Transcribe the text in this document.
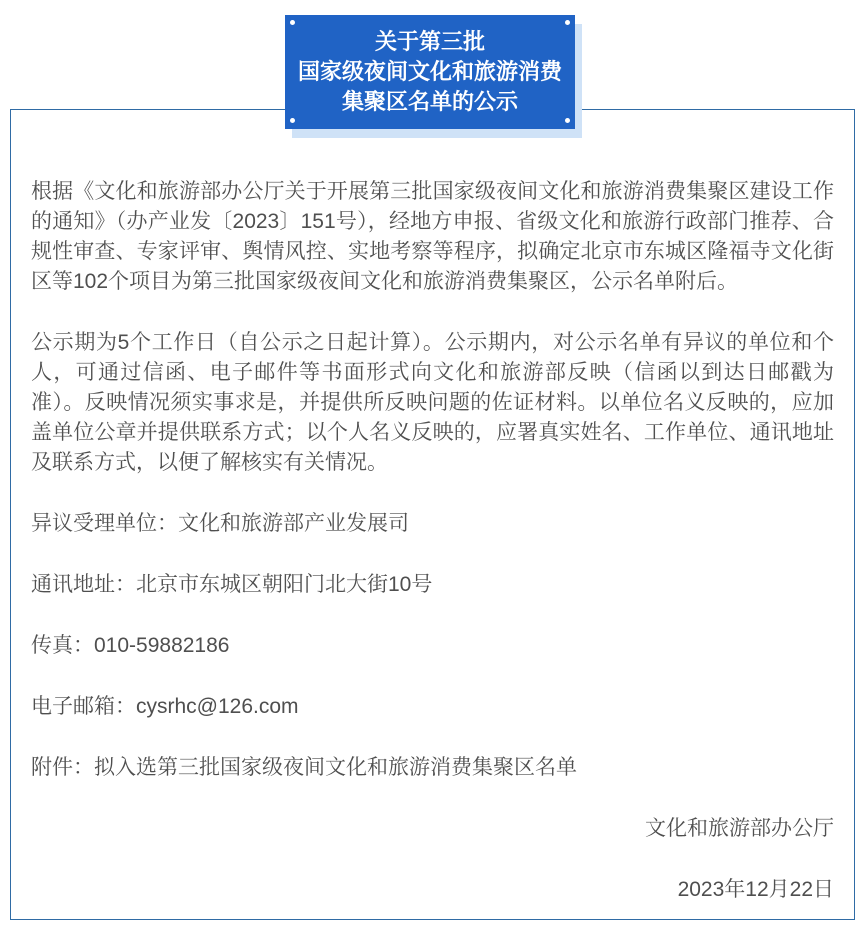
关于第三批
国家级夜间文化和旅游消费
集聚区名单的公示

根据《文化和旅游部办公厅关于开展第三批国家级夜间文化和旅游消费集聚区建设工作的通知》（办产业发〔2023〕151号），经地方申报、省级文化和旅游行政部门推荐、合规性审查、专家评审、舆情风控、实地考察等程序，拟确定北京市东城区隆福寺文化街区等102个项目为第三批国家级夜间文化和旅游消费集聚区，公示名单附后。

公示期为5个工作日（自公示之日起计算）。公示期内，对公示名单有异议的单位和个人，可通过信函、电子邮件等书面形式向文化和旅游部反映（信函以到达日邮戳为准）。反映情况须实事求是，并提供所反映问题的佐证材料。以单位名义反映的，应加盖单位公章并提供联系方式；以个人名义反映的，应署真实姓名、工作单位、通讯地址及联系方式，以便了解核实有关情况。

异议受理单位：文化和旅游部产业发展司

通讯地址：北京市东城区朝阳门北大街10号

传真：010-59882186

电子邮箱：cysrhc@126.com

附件：拟入选第三批国家级夜间文化和旅游消费集聚区名单

文化和旅游部办公厅

2023年12月22日
